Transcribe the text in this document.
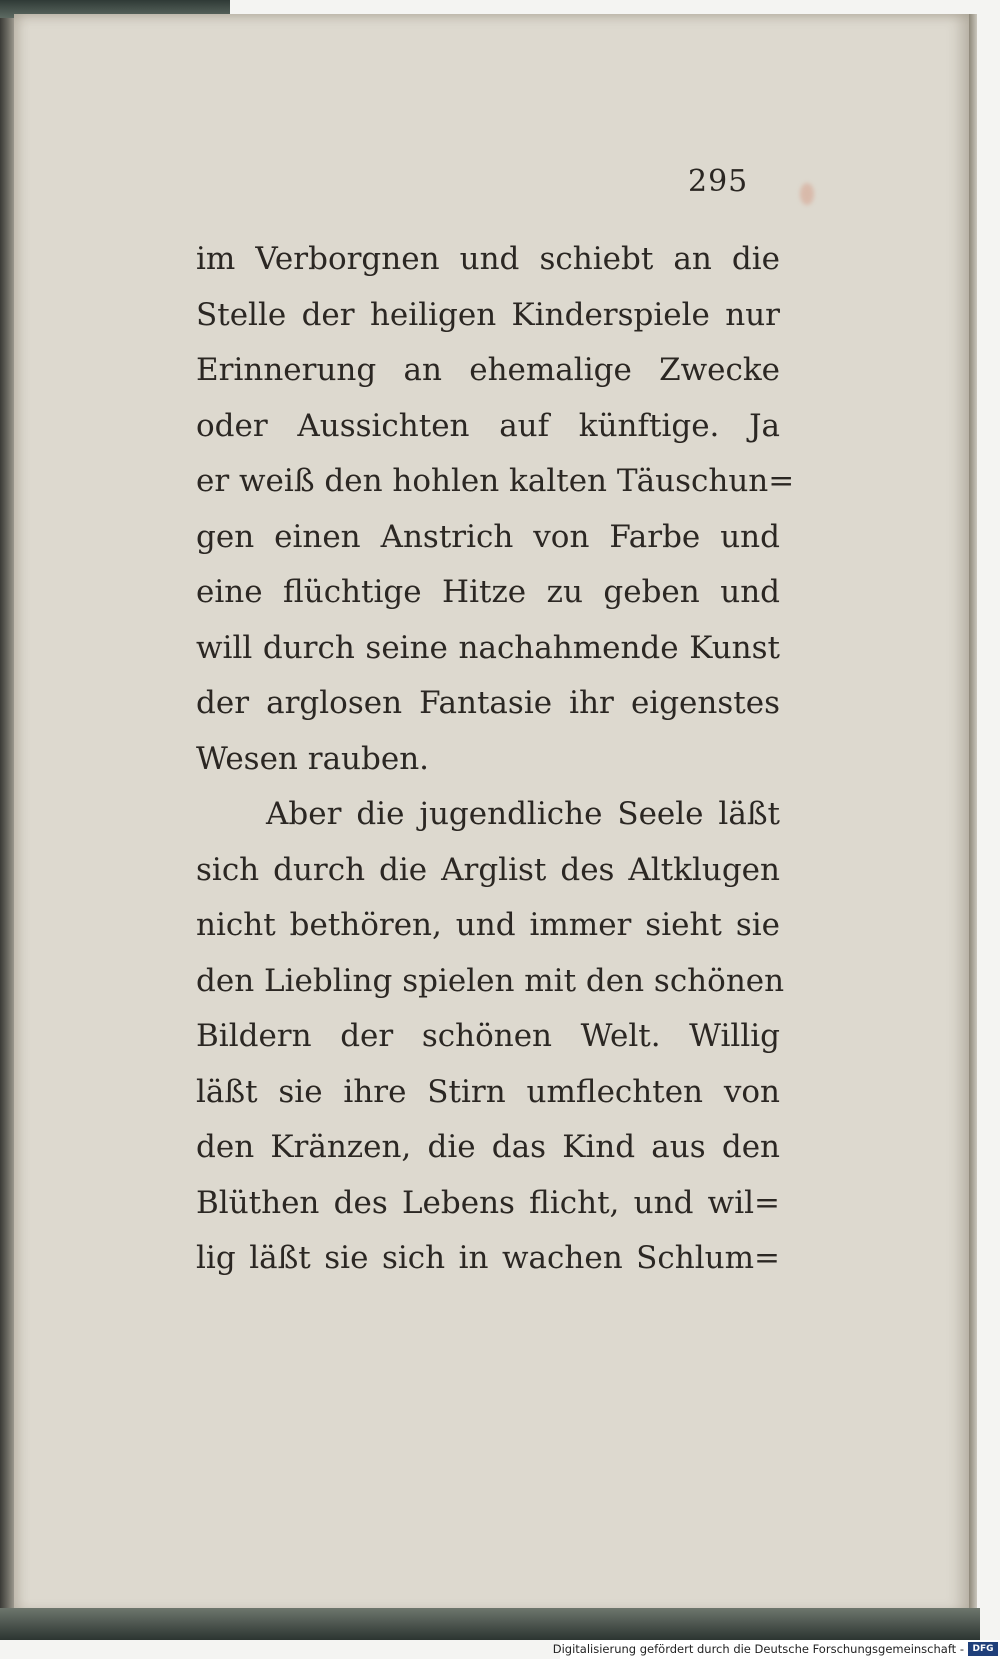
295
im Verborgnen und schiebt an die
Stelle der heiligen Kinderspiele nur
Erinnerung an ehemalige Zwecke
oder Aussichten auf künftige. Ja
er weiß den hohlen kalten Täuschun=
gen einen Anstrich von Farbe und
eine flüchtige Hitze zu geben und
will durch seine nachahmende Kunst
der arglosen Fantasie ihr eigenstes
Wesen rauben.
Aber die jugendliche Seele läßt
sich durch die Arglist des Altklugen
nicht bethören, und immer sieht sie
den Liebling spielen mit den schönen
Bildern der schönen Welt. Willig
läßt sie ihre Stirn umflechten von
den Kränzen, die das Kind aus den
Blüthen des Lebens flicht, und wil=
lig läßt sie sich in wachen Schlum=
Digitalisierung gefördert durch die Deutsche Forschungsgemeinschaft - DFG
